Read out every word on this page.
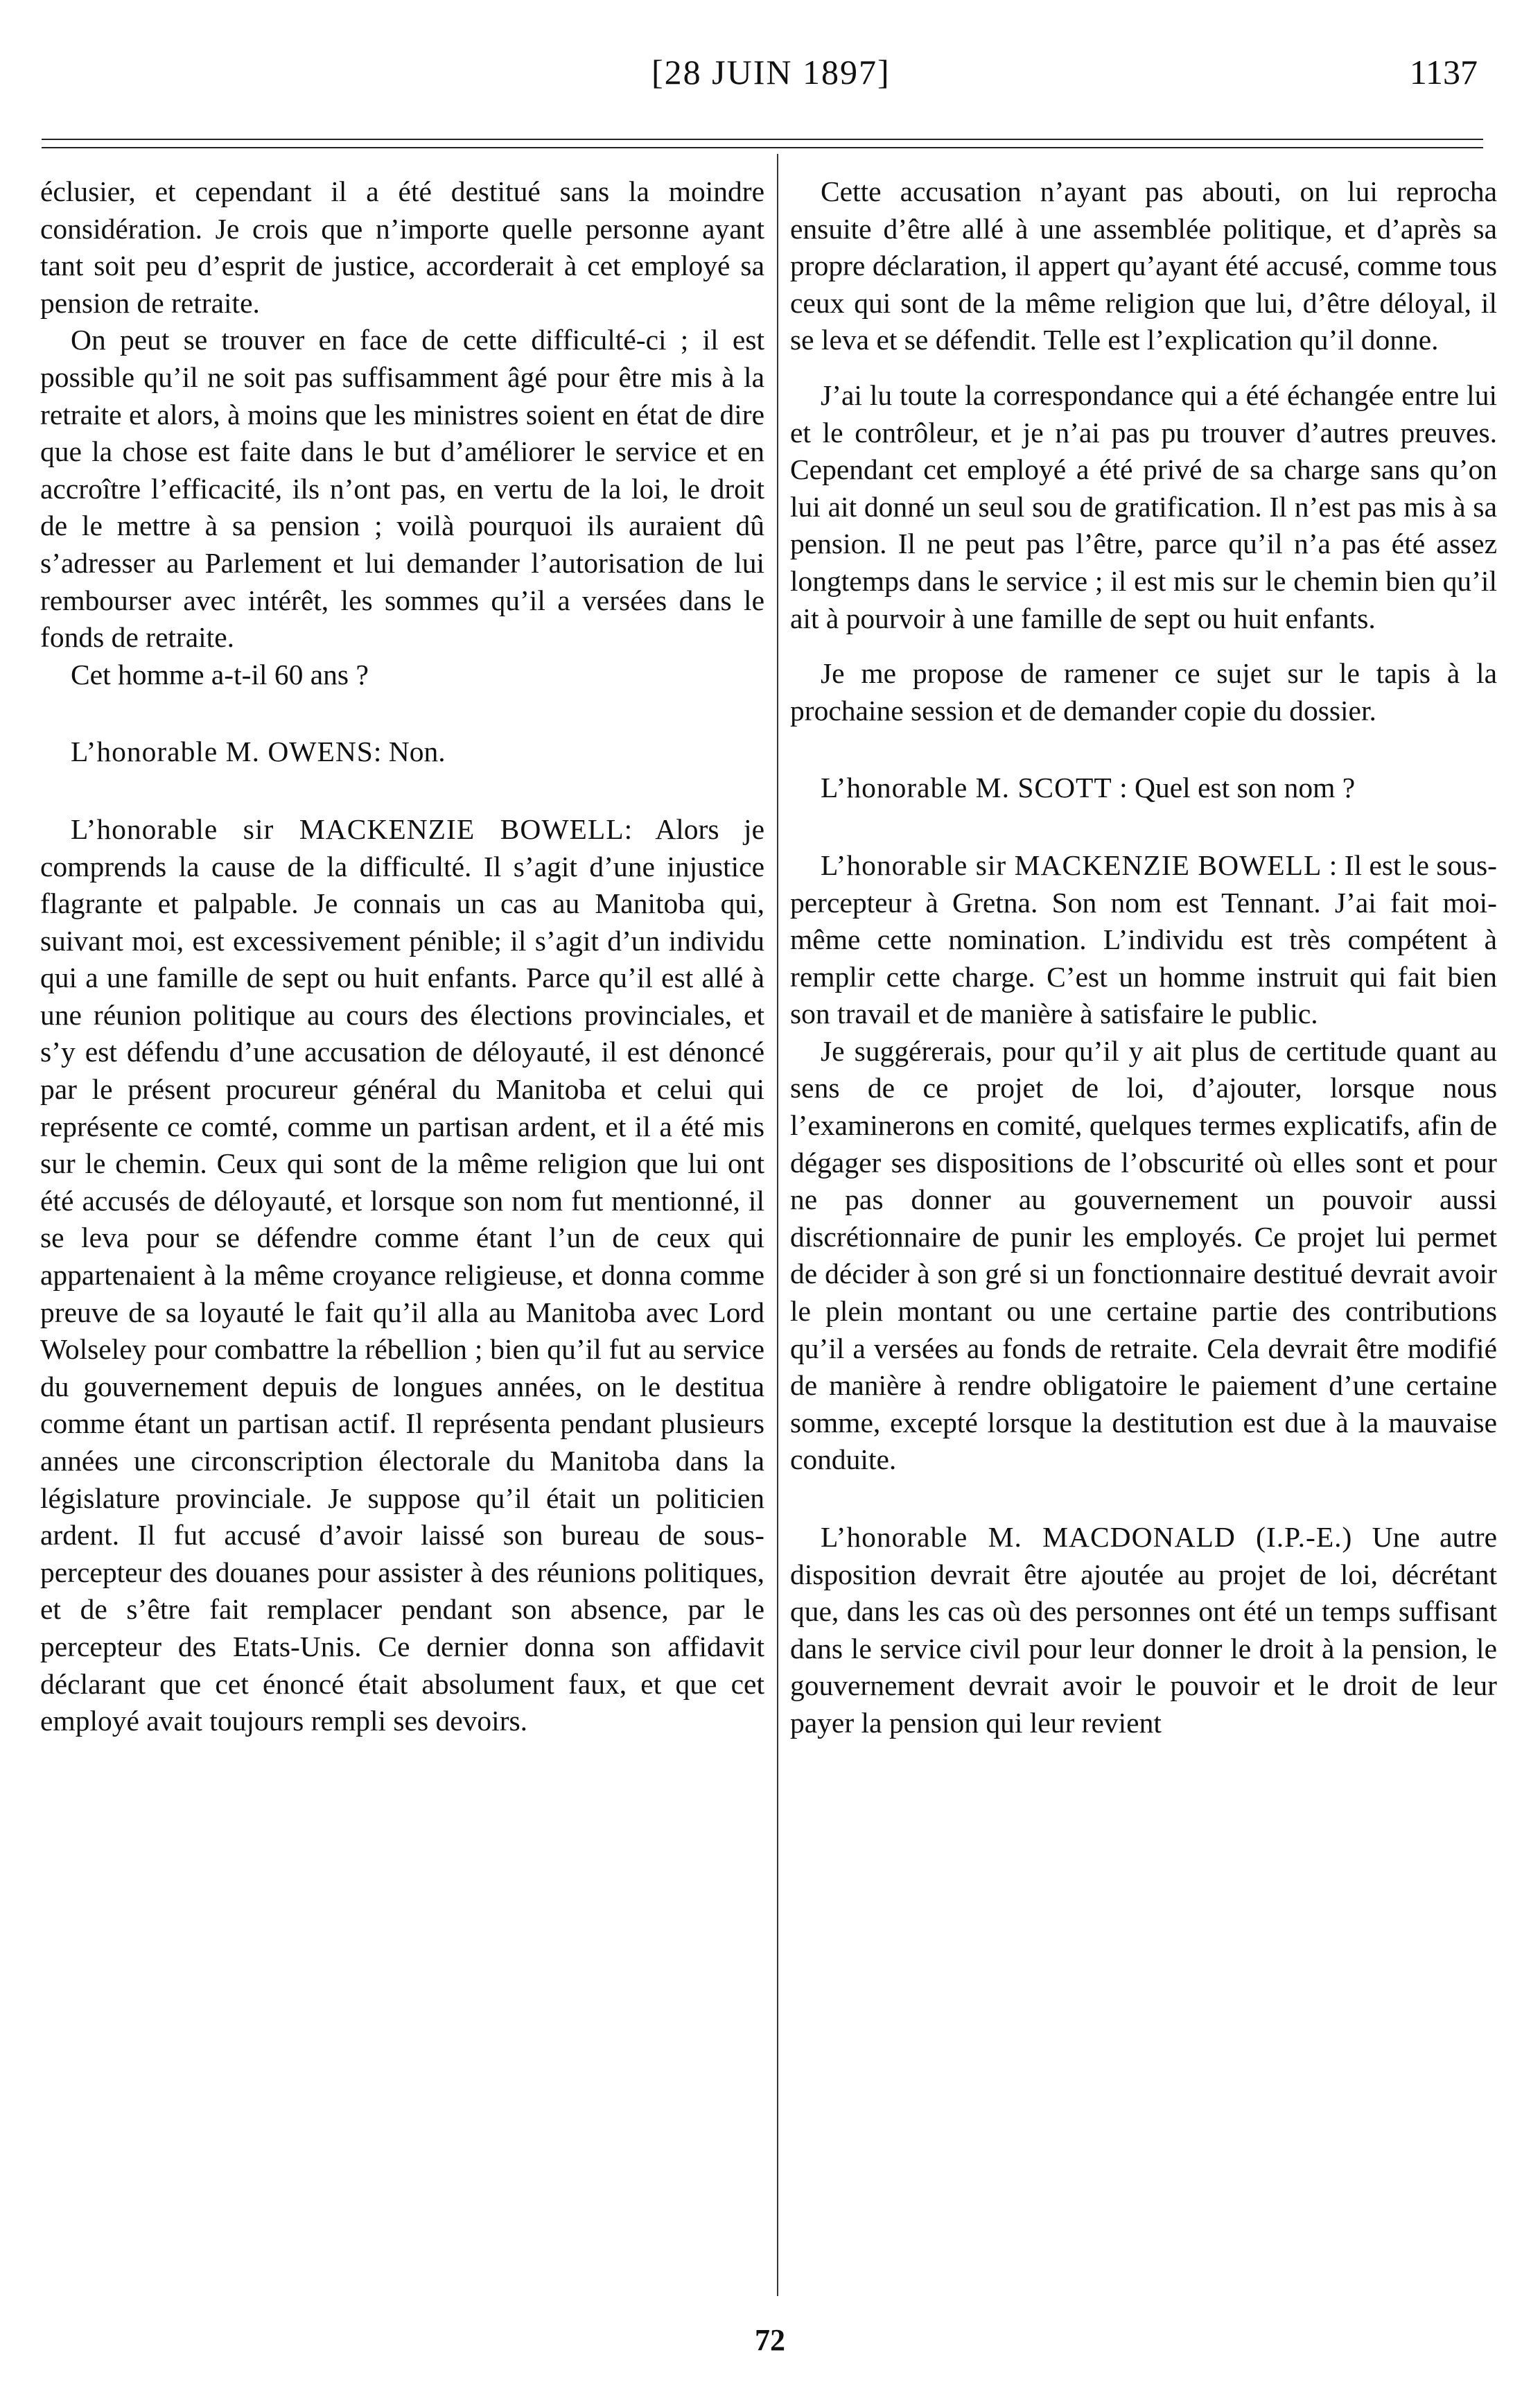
[28 JUIN 1897]	1137

éclusier, et cependant il a été destitué sans la moindre considération. Je crois que n’importe quelle personne ayant tant soit peu d’esprit de justice, accorderait à cet employé sa pension de retraite.

On peut se trouver en face de cette difficulté-ci ; il est possible qu’il ne soit pas suffisamment âgé pour être mis à la retraite et alors, à moins que les ministres soient en état de dire que la chose est faite dans le but d’améliorer le service et en accroître l’efficacité, ils n’ont pas, en vertu de la loi, le droit de le mettre à sa pension ; voilà pourquoi ils auraient dû s’adresser au Parlement et lui demander l’autorisation de lui rembourser avec intérêt, les sommes qu’il a versées dans le fonds de retraite.

Cet homme a-t-il 60 ans ?

L’honorable M. OWENS: Non.

L’honorable sir MACKENZIE BOWELL: Alors je comprends la cause de la difficulté. Il s’agit d’une injustice flagrante et palpable. Je connais un cas au Manitoba qui, suivant moi, est excessivement pénible; il s’agit d’un individu qui a une famille de sept ou huit enfants. Parce qu’il est allé à une réunion politique au cours des élections provinciales, et s’y est défendu d’une accusation de déloyauté, il est dénoncé par le présent procureur général du Manitoba et celui qui représente ce comté, comme un partisan ardent, et il a été mis sur le chemin. Ceux qui sont de la même religion que lui ont été accusés de déloyauté, et lorsque son nom fut mentionné, il se leva pour se défendre comme étant l’un de ceux qui appartenaient à la même croyance religieuse, et donna comme preuve de sa loyauté le fait qu’il alla au Manitoba avec Lord Wolseley pour combattre la rébellion ; bien qu’il fut au service du gouvernement depuis de longues années, on le destitua comme étant un partisan actif. Il représenta pendant plusieurs années une circonscription électorale du Manitoba dans la législature provinciale. Je suppose qu’il était un politicien ardent. Il fut accusé d’avoir laissé son bureau de sous-percepteur des douanes pour assister à des réunions politiques, et de s’être fait remplacer pendant son absence, par le percepteur des Etats-Unis. Ce dernier donna son affidavit déclarant que cet énoncé était absolument faux, et que cet employé avait toujours rempli ses devoirs.

Cette accusation n’ayant pas abouti, on lui reprocha ensuite d’être allé à une assemblée politique, et d’après sa propre déclaration, il appert qu’ayant été accusé, comme tous ceux qui sont de la même religion que lui, d’être déloyal, il se leva et se défendit. Telle est l’explication qu’il donne.

J’ai lu toute la correspondance qui a été échangée entre lui et le contrôleur, et je n’ai pas pu trouver d’autres preuves. Cependant cet employé a été privé de sa charge sans qu’on lui ait donné un seul sou de gratification. Il n’est pas mis à sa pension. Il ne peut pas l’être, parce qu’il n’a pas été assez longtemps dans le service ; il est mis sur le chemin bien qu’il ait à pourvoir à une famille de sept ou huit enfants.

Je me propose de ramener ce sujet sur le tapis à la prochaine session et de demander copie du dossier.

L’honorable M. SCOTT : Quel est son nom ?

L’honorable sir MACKENZIE BOWELL : Il est le sous-percepteur à Gretna. Son nom est Tennant. J’ai fait moi-même cette nomination. L’individu est très compétent à remplir cette charge. C’est un homme instruit qui fait bien son travail et de manière à satisfaire le public.

Je suggérerais, pour qu’il y ait plus de certitude quant au sens de ce projet de loi, d’ajouter, lorsque nous l’examinerons en comité, quelques termes explicatifs, afin de dégager ses dispositions de l’obscurité où elles sont et pour ne pas donner au gouvernement un pouvoir aussi discrétionnaire de punir les employés. Ce projet lui permet de décider à son gré si un fonctionnaire destitué devrait avoir le plein montant ou une certaine partie des contributions qu’il a versées au fonds de retraite. Cela devrait être modifié de manière à rendre obligatoire le paiement d’une certaine somme, excepté lorsque la destitution est due à la mauvaise conduite.

L’honorable M. MACDONALD (I.P.-E.) Une autre disposition devrait être ajoutée au projet de loi, décrétant que, dans les cas où des personnes ont été un temps suffisant dans le service civil pour leur donner le droit à la pension, le gouvernement devrait avoir le pouvoir et le droit de leur payer la pension qui leur revient

72
